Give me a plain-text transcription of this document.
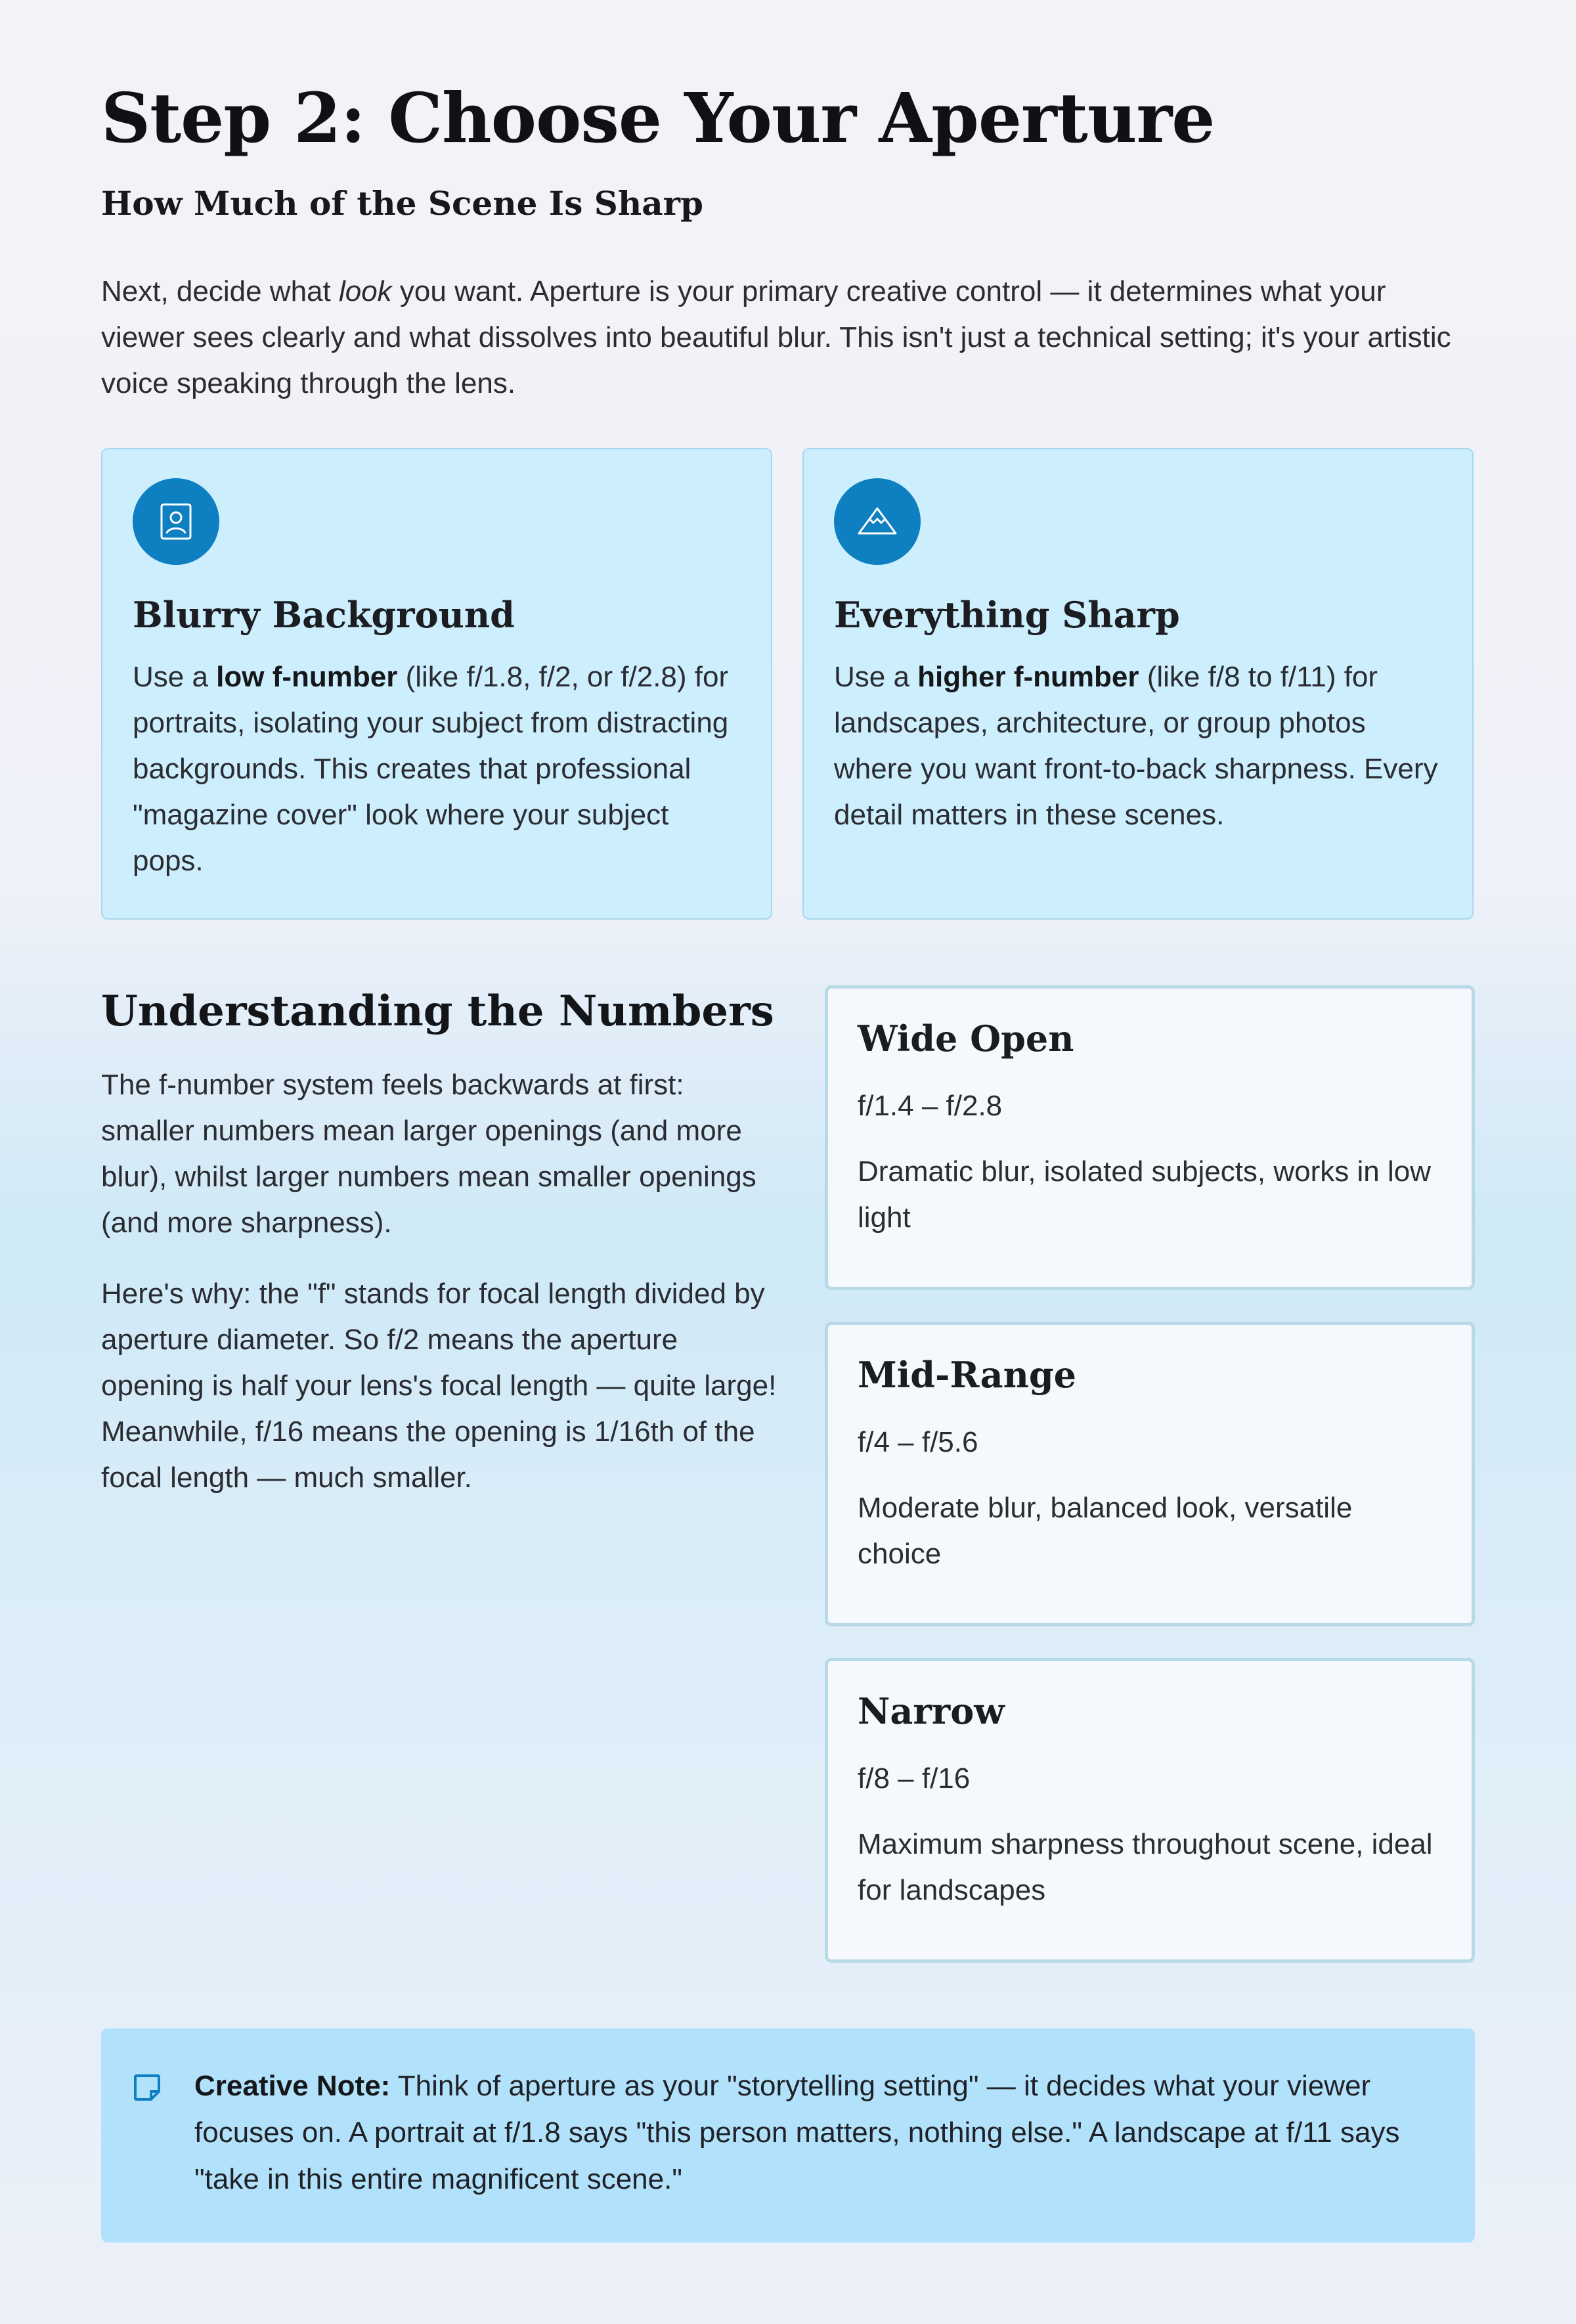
Step 2: Choose Your Aperture
How Much of the Scene Is Sharp

Next, decide what look you want. Aperture is your primary creative control — it determines what your viewer sees clearly and what dissolves into beautiful blur. This isn't just a technical setting; it's your artistic voice speaking through the lens.

Blurry Background

Use a low f-number (like f/1.8, f/2, or f/2.8) for portraits, isolating your subject from distracting backgrounds. This creates that professional "magazine cover" look where your subject pops.

Everything Sharp

Use a higher f-number (like f/8 to f/11) for landscapes, architecture, or group photos where you want front-to-back sharpness. Every detail matters in these scenes.

Understanding the Numbers

The f-number system feels backwards at first: smaller numbers mean larger openings (and more blur), whilst larger numbers mean smaller openings (and more sharpness).

Here's why: the "f" stands for focal length divided by aperture diameter. So f/2 means the aperture opening is half your lens's focal length — quite large! Meanwhile, f/16 means the opening is 1/16th of the focal length — much smaller.

Wide Open
f/1.4 – f/2.8
Dramatic blur, isolated subjects, works in low light
Mid-Range
f/4 – f/5.6
Moderate blur, balanced look, versatile choice
Narrow
f/8 – f/16
Maximum sharpness throughout scene, ideal for landscapes

Creative Note: Think of aperture as your "storytelling setting" — it decides what your viewer focuses on. A portrait at f/1.8 says "this person matters, nothing else." A landscape at f/11 says "take in this entire magnificent scene."
